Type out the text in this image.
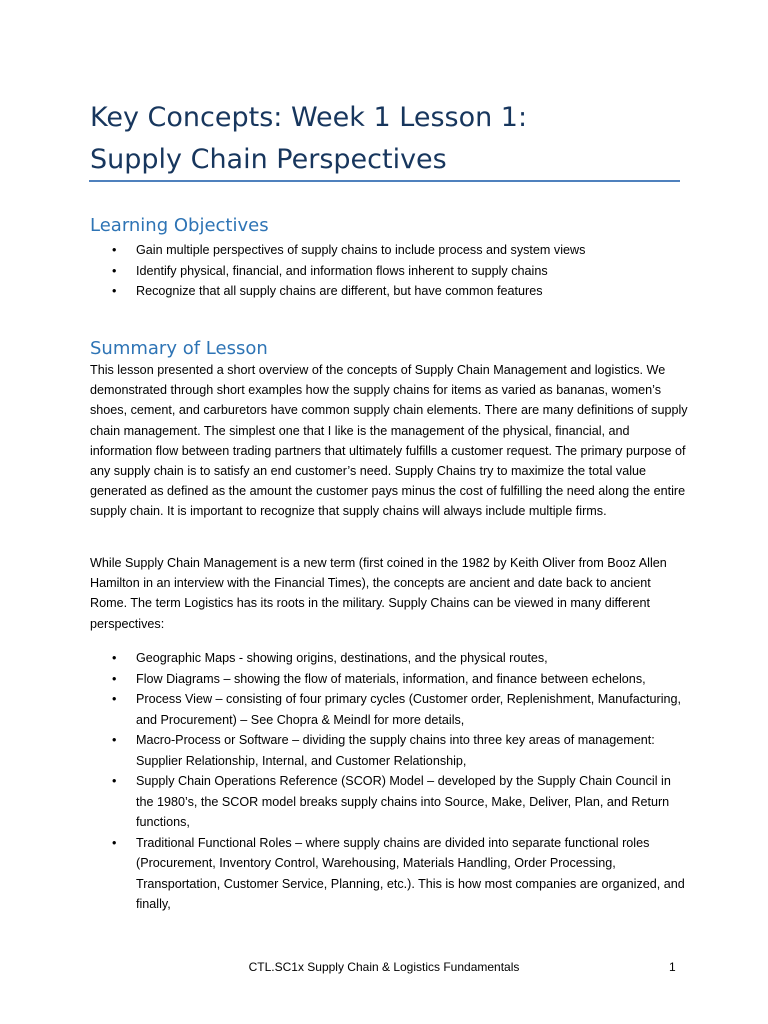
Key Concepts: Week 1 Lesson 1:
Supply Chain Perspectives
Learning Objectives
• Gain multiple perspectives of supply chains to include process and system views
• Identify physical, financial, and information flows inherent to supply chains
• Recognize that all supply chains are different, but have common features
Summary of Lesson

This lesson presented a short overview of the concepts of Supply Chain Management and logistics. We demonstrated through short examples how the supply chains for items as varied as bananas, women’s shoes, cement, and carburetors have common supply chain elements. There are many definitions of supply chain management. The simplest one that I like is the management of the physical, financial, and information flow between trading partners that ultimately fulfills a customer request. The primary purpose of any supply chain is to satisfy an end customer’s need. Supply Chains try to maximize the total value generated as defined as the amount the customer pays minus the cost of fulfilling the need along the entire supply chain. It is important to recognize that supply chains will always include multiple firms.

While Supply Chain Management is a new term (first coined in the 1982 by Keith Oliver from Booz Allen Hamilton in an interview with the Financial Times), the concepts are ancient and date back to ancient Rome. The term Logistics has its roots in the military. Supply Chains can be viewed in many different perspectives:

• Geographic Maps - showing origins, destinations, and the physical routes,
• Flow Diagrams – showing the flow of materials, information, and finance between echelons,
• Process View – consisting of four primary cycles (Customer order, Replenishment, Manufacturing, and Procurement) – See Chopra & Meindl for more details,
• Macro-Process or Software – dividing the supply chains into three key areas of management: Supplier Relationship, Internal, and Customer Relationship,
• Supply Chain Operations Reference (SCOR) Model – developed by the Supply Chain Council in the 1980’s, the SCOR model breaks supply chains into Source, Make, Deliver, Plan, and Return functions,
• Traditional Functional Roles – where supply chains are divided into separate functional roles (Procurement, Inventory Control, Warehousing, Materials Handling, Order Processing, Transportation, Customer Service, Planning, etc.). This is how most companies are organized, and finally,
CTL.SC1x Supply Chain & Logistics Fundamentals	1
